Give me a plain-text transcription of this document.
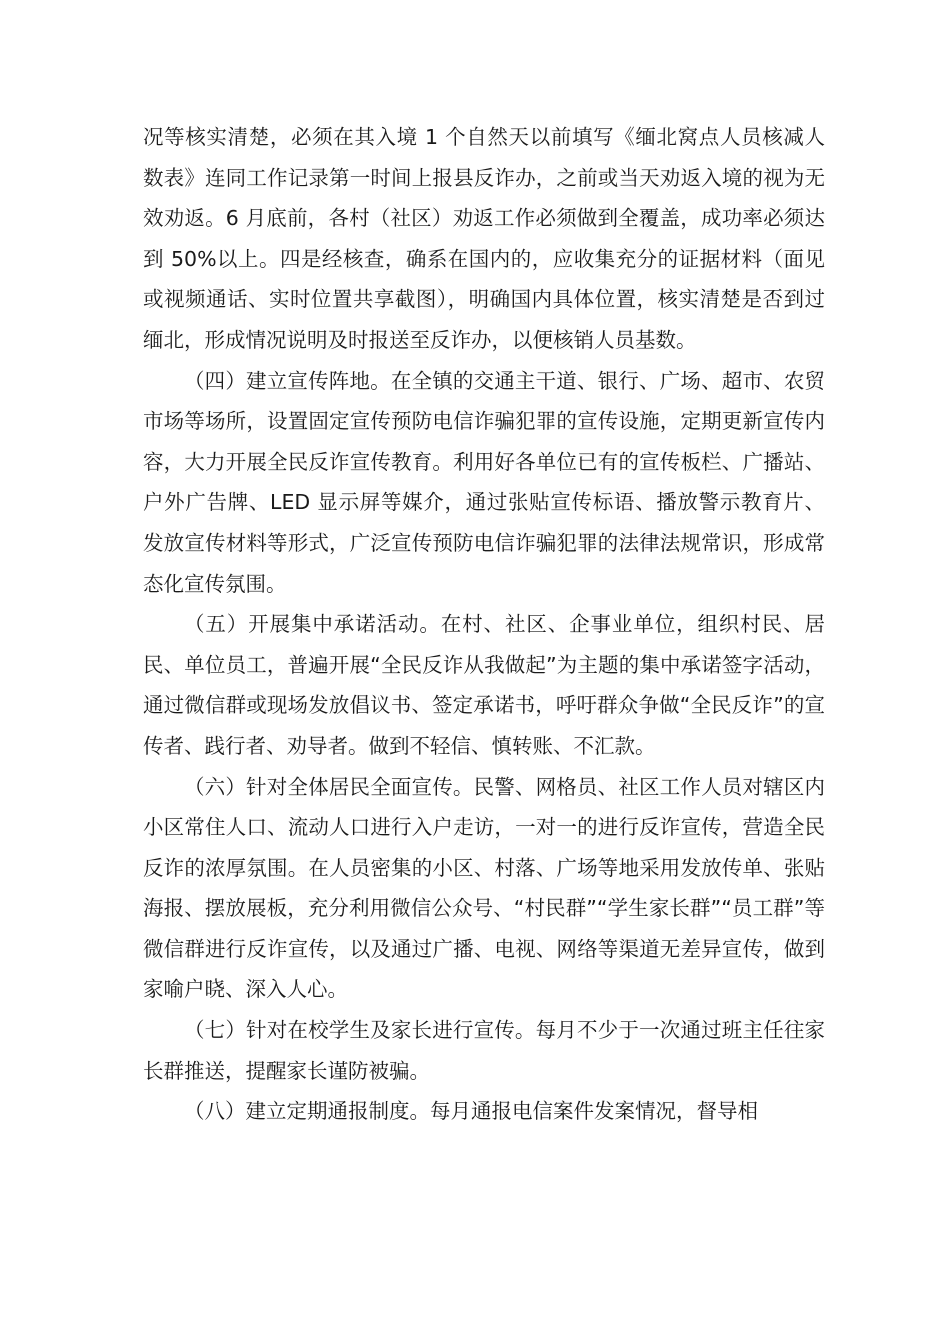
况等核实清楚，必须在其入境 1 个自然天以前填写《缅北窝点人员核减人数表》连同工作记录第一时间上报县反诈办，之前或当天劝返入境的视为无效劝返。6 月底前，各村（社区）劝返工作必须做到全覆盖，成功率必须达到 50%以上。四是经核查，确系在国内的，应收集充分的证据材料（面见或视频通话、实时位置共享截图），明确国内具体位置，核实清楚是否到过缅北，形成情况说明及时报送至反诈办，以便核销人员基数。

（四）建立宣传阵地。在全镇的交通主干道、银行、广场、超市、农贸市场等场所，设置固定宣传预防电信诈骗犯罪的宣传设施，定期更新宣传内容，大力开展全民反诈宣传教育。利用好各单位已有的宣传板栏、广播站、户外广告牌、LED 显示屏等媒介，通过张贴宣传标语、播放警示教育片、发放宣传材料等形式，广泛宣传预防电信诈骗犯罪的法律法规常识，形成常态化宣传氛围。

（五）开展集中承诺活动。在村、社区、企事业单位，组织村民、居民、单位员工，普遍开展“全民反诈从我做起”为主题的集中承诺签字活动，通过微信群或现场发放倡议书、签定承诺书，呼吁群众争做“全民反诈”的宣传者、践行者、劝导者。做到不轻信、慎转账、不汇款。

（六）针对全体居民全面宣传。民警、网格员、社区工作人员对辖区内小区常住人口、流动人口进行入户走访，一对一的进行反诈宣传，营造全民反诈的浓厚氛围。在人员密集的小区、村落、广场等地采用发放传单、张贴海报、摆放展板，充分利用微信公众号、“村民群”“学生家长群”“员工群”等微信群进行反诈宣传，以及通过广播、电视、网络等渠道无差异宣传，做到家喻户晓、深入人心。

（七）针对在校学生及家长进行宣传。每月不少于一次通过班主任往家长群推送，提醒家长谨防被骗。

（八）建立定期通报制度。每月通报电信案件发案情况，督导相
